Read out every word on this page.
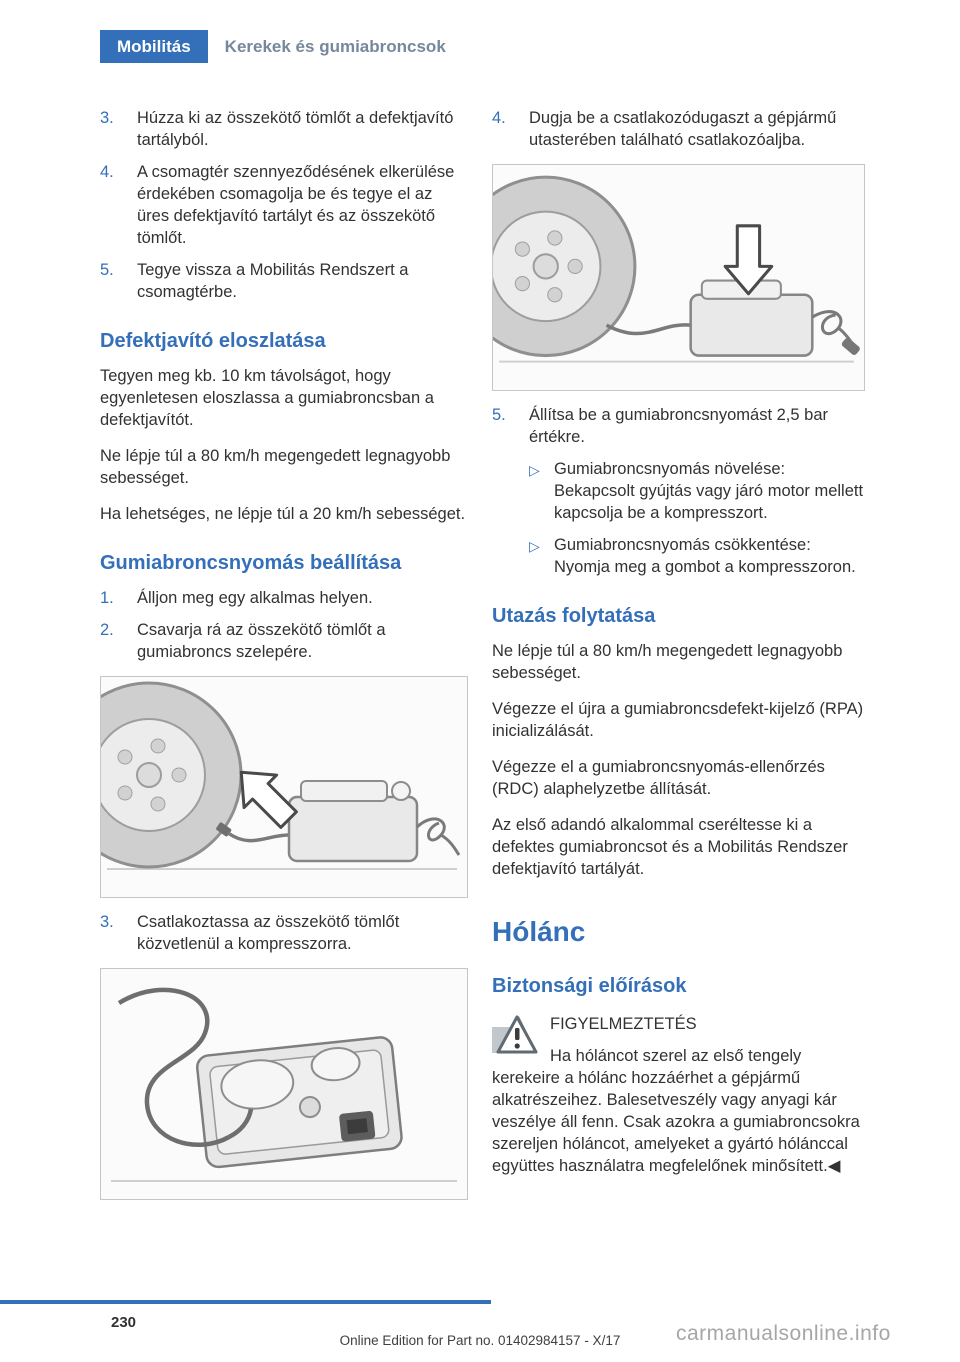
Mobilitás	Kerekek és gumiabroncsok
3.	Húzza ki az összekötő tömlőt a defektjavító tartályból.
4.	A csomagtér szennyeződésének elkerülése érdekében csomagolja be és tegye el az üres defektjavító tartályt és az összekötő tömlőt.
5.	Tegye vissza a Mobilitás Rendszert a csomagtérbe.
Defektjavító eloszlatása

Tegyen meg kb. 10 km távolságot, hogy egyenletesen eloszlassa a gumiabroncsban a defektjavítót.

Ne lépje túl a 80 km/h megengedett legnagyobb sebességet.

Ha lehetséges, ne lépje túl a 20 km/h sebességet.

Gumiabroncsnyomás beállítása
1.	Álljon meg egy alkalmas helyen.
2.	Csavarja rá az összekötő tömlőt a gumiabroncs szelepére.
3.	Csatlakoztassa az összekötő tömlőt közvetlenül a kompresszorra.
4.	Dugja be a csatlakozódugaszt a gépjármű utasterében található csatlakozóaljba.
5.	Állítsa be a gumiabroncsnyomást 2,5 bar értékre.
▷ Gumiabroncsnyomás növelése: Bekapcsolt gyújtás vagy járó motor mellett kapcsolja be a kompresszort.
▷ Gumiabroncsnyomás csökkentése: Nyomja meg a gombot a kompresszoron.
Utazás folytatása

Ne lépje túl a 80 km/h megengedett legnagyobb sebességet.

Végezze el újra a gumiabroncsdefekt-kijelző (RPA) inicializálását.

Végezze el a gumiabroncsnyomás-ellenőrzés (RDC) alaphelyzetbe állítását.

Az első adandó alkalommal cseréltesse ki a defektes gumiabroncsot és a Mobilitás Rendszer defektjavító tartályát.

Hólánc
Biztonsági előírások
FIGYELMEZTETÉS
Ha hóláncot szerel az első tengely kerekeire a hólánc hozzáérhet a gépjármű alkatrészeihez. Balesetveszély vagy anyagi kár veszélye áll fenn. Csak azokra a gumiabroncsokra szereljen hóláncot, amelyeket a gyártó hólánccal együttes használatra megfelelőnek minősített.◀
230
Online Edition for Part no. 01402984157 - X/17	carmanualsonline.info
